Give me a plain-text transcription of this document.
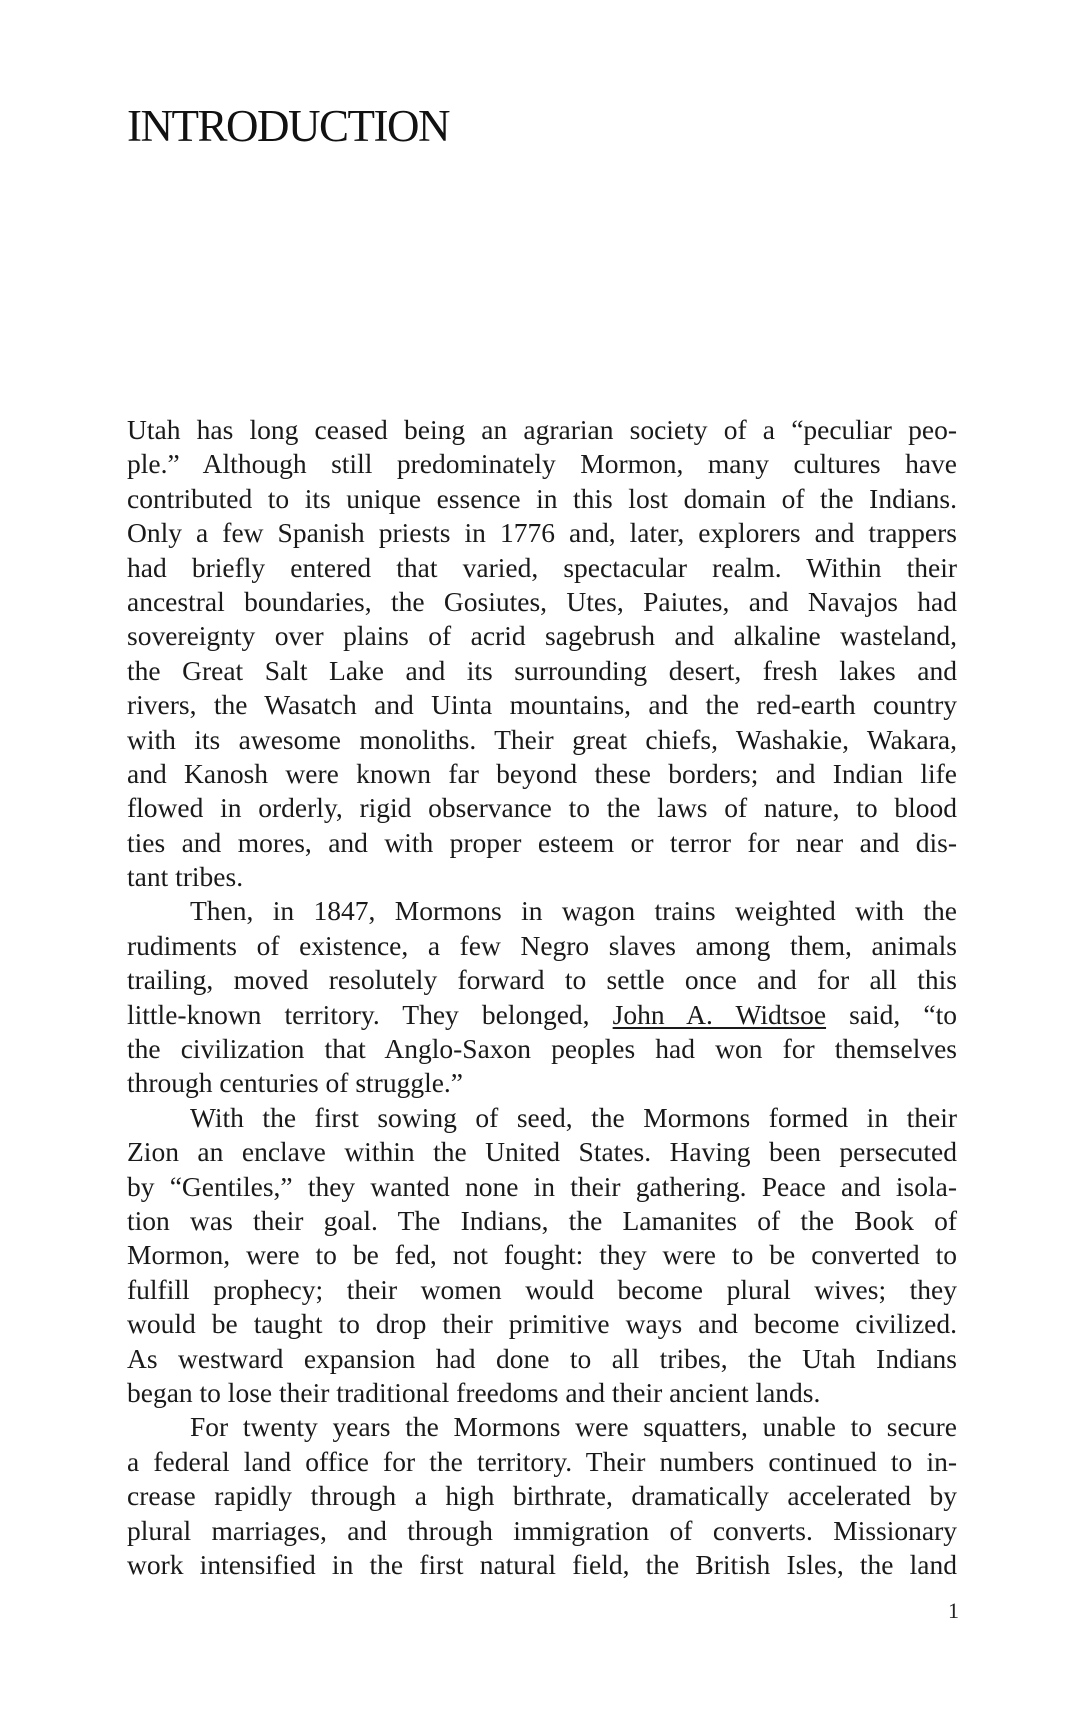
INTRODUCTION
Utah has long ceased being an agrarian society of a “peculiar peo-
ple.” Although still predominately Mormon, many cultures have
contributed to its unique essence in this lost domain of the Indians.
Only a few Spanish priests in 1776 and, later, explorers and trappers
had briefly entered that varied, spectacular realm. Within their
ancestral boundaries, the Gosiutes, Utes, Paiutes, and Navajos had
sovereignty over plains of acrid sagebrush and alkaline wasteland,
the Great Salt Lake and its surrounding desert, fresh lakes and
rivers, the Wasatch and Uinta mountains, and the red-earth country
with its awesome monoliths. Their great chiefs, Washakie, Wakara,
and Kanosh were known far beyond these borders; and Indian life
flowed in orderly, rigid observance to the laws of nature, to blood
ties and mores, and with proper esteem or terror for near and dis-
tant tribes.
Then, in 1847, Mormons in wagon trains weighted with the
rudiments of existence, a few Negro slaves among them, animals
trailing, moved resolutely forward to settle once and for all this
little-known territory. They belonged, John A. Widtsoe said, “to
the civilization that Anglo-Saxon peoples had won for themselves
through centuries of struggle.”
With the first sowing of seed, the Mormons formed in their
Zion an enclave within the United States. Having been persecuted
by “Gentiles,” they wanted none in their gathering. Peace and isola-
tion was their goal. The Indians, the Lamanites of the Book of
Mormon, were to be fed, not fought: they were to be converted to
fulfill prophecy; their women would become plural wives; they
would be taught to drop their primitive ways and become civilized.
As westward expansion had done to all tribes, the Utah Indians
began to lose their traditional freedoms and their ancient lands.
For twenty years the Mormons were squatters, unable to secure
a federal land office for the territory. Their numbers continued to in-
crease rapidly through a high birthrate, dramatically accelerated by
plural marriages, and through immigration of converts. Missionary
work intensified in the first natural field, the British Isles, the land
1
